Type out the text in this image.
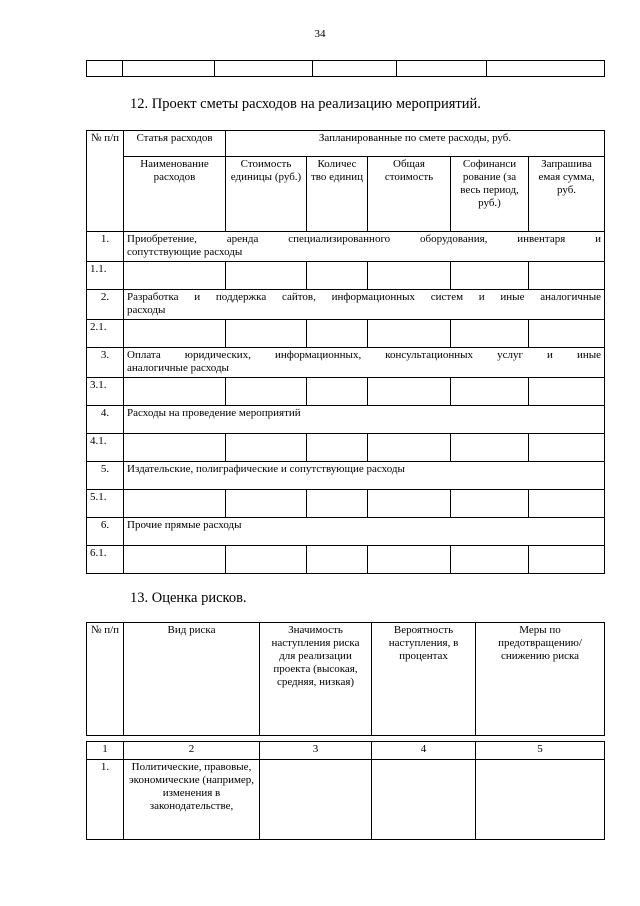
34

12. Проект сметы расходов на реализацию мероприятий.
№ п/п	Статья расходов	Запланированные по смете расходы, руб.				
	Наименование расходов	Стоимость единицы (руб.)	Количес тво единиц	Общая стоимость	Софинанси рование (за весь период, руб.)	Запрашива емая сумма, руб.
1.	Приобретение, аренда специализированного оборудования, инвентаря и
сопутствующие расходы					

1.1.						
2.	Разработка и поддержка сайтов, информационных систем и иные аналогичные
расходы					

2.1.						
3.	Оплата юридических, информационных, консультационных услуг и иные
аналогичные расходы					

3.1.						
4.	Расходы на проведение мероприятий					
4.1.						
5.	Издательские, полиграфические и сопутствующие расходы					
5.1.						
6.	Прочие прямые расходы					
6.1.						
13. Оценка рисков.
№ п/п	Вид риска	Значимость наступления риска для реализации проекта (высокая, средняя, низкая)	Вероятность наступления, в процентах	Меры по предотвращению/ снижению риска

1	2	3	4	5
1.	Политические, правовые, экономические (например, изменения в законодательстве,			
